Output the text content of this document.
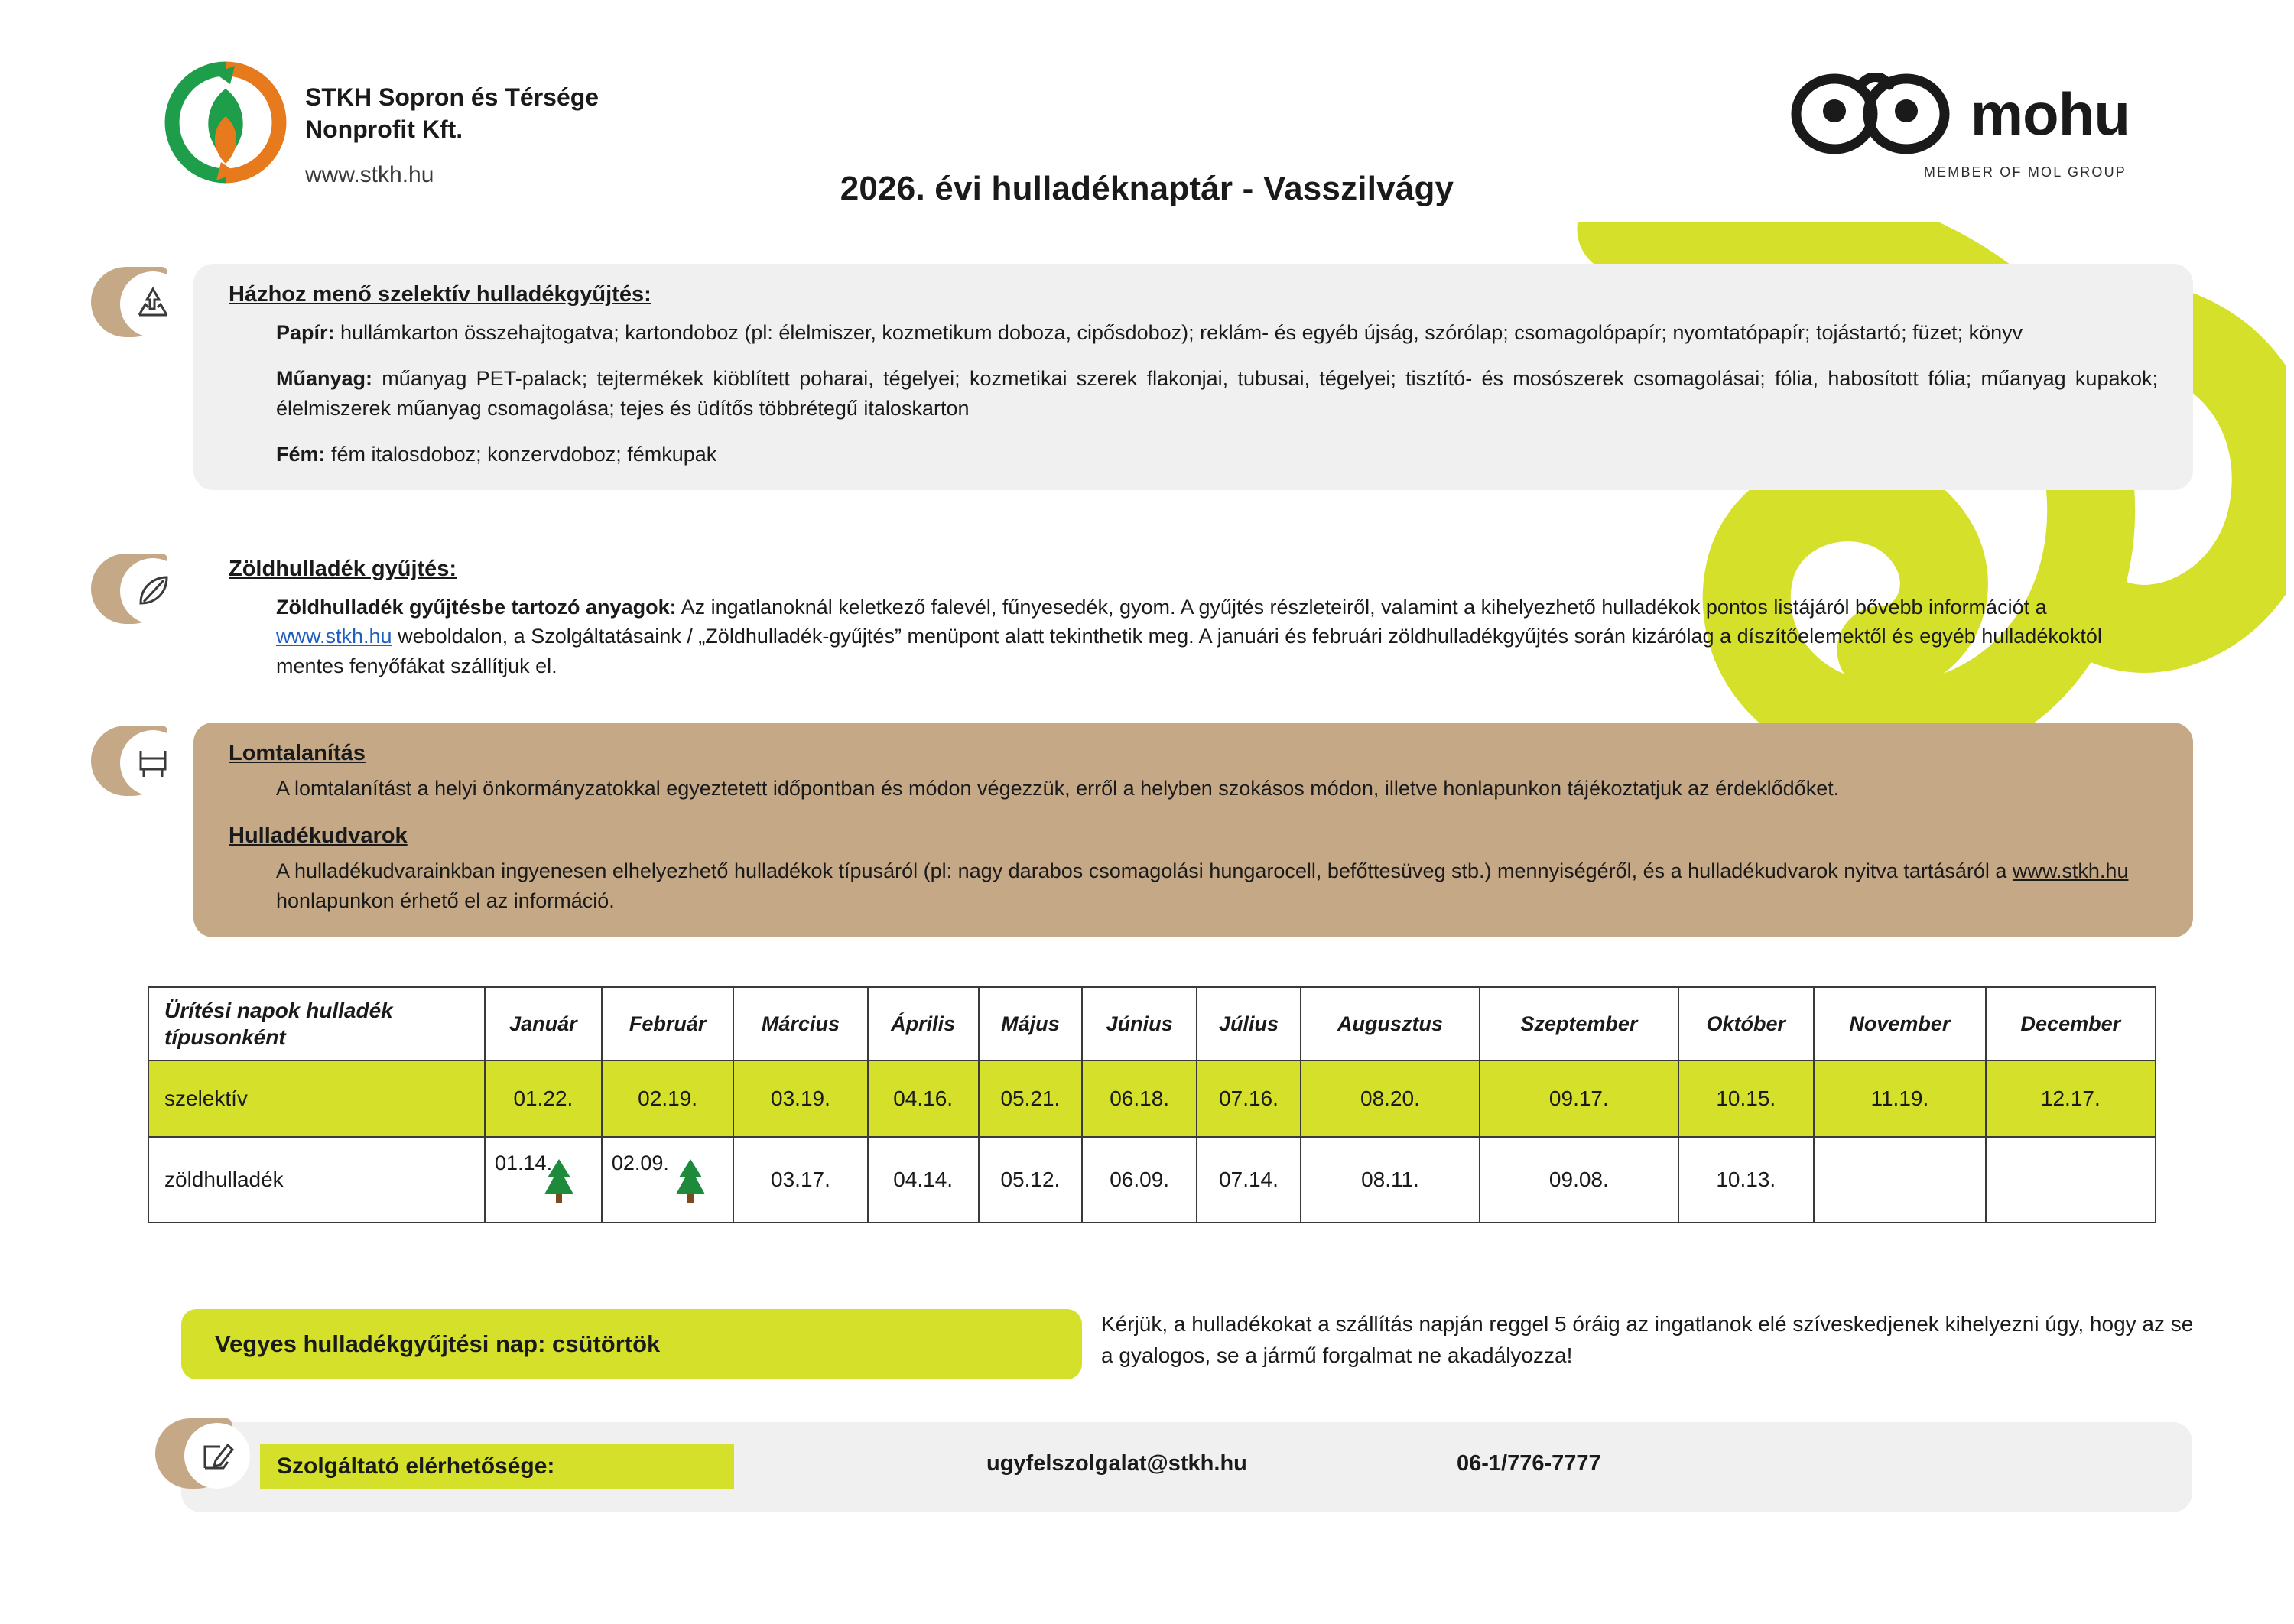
STKH Sopron és Térsége
Nonprofit Kft.
www.stkh.hu	2026. évi hulladéknaptár - Vasszilvágy
mohu
MEMBER OF MOL GROUP
Házhoz menő szelektív hulladékgyűjtés:

Papír: hullámkarton összehajtogatva; kartondoboz (pl: élelmiszer, kozmetikum doboza, cipősdoboz); reklám- és egyéb újság, szórólap; csomagolópapír; nyomtatópapír; tojástartó; füzet; könyv

Műanyag: műanyag PET-palack; tejtermékek kiöblített poharai, tégelyei; kozmetikai szerek flakonjai, tubusai, tégelyei; tisztító- és mosószerek csomagolásai; fólia, habosított fólia; műanyag kupakok; élelmiszerek műanyag csomagolása; tejes és üdítős többrétegű italoskarton

Fém: fém italosdoboz; konzervdoboz; fémkupak

Zöldhulladék gyűjtés:

Zöldhulladék gyűjtésbe tartozó anyagok: Az ingatlanoknál keletkező falevél, fűnyesedék, gyom. A gyűjtés részleteiről, valamint a kihelyezhető hulladékok pontos listájáról bővebb információt a www.stkh.hu weboldalon, a Szolgáltatásaink / „Zöldhulladék-gyűjtés” menüpont alatt tekinthetik meg. A januári és februári zöldhulladékgyűjtés során kizárólag a díszítőelemektől és egyéb hulladékoktól mentes fenyőfákat szállítjuk el.

Lomtalanítás

A lomtalanítást a helyi önkormányzatokkal egyeztetett időpontban és módon végezzük, erről a helyben szokásos módon, illetve honlapunkon tájékoztatjuk az érdeklődőket.

Hulladékudvarok

A hulladékudvarainkban ingyenesen elhelyezhető hulladékok típusáról (pl: nagy darabos csomagolási hungarocell, befőttesüveg stb.) mennyiségéről, és a hulladékudvarok nyitva tartásáról a www.stkh.hu honlapunkon érhető el az információ.

Ürítési napok hulladék típusonként	Január	Február	Március	Április	Május	Június	Július	Augusztus	Szeptember	Október	November	December
szelektív	01.22.	02.19.	03.19.	04.16.	05.21.	06.18.	07.16.	08.20.	09.17.	10.15.	11.19.	12.17.
zöldhulladék	01.14.	02.09.	03.17.	04.14.	05.12.	06.09.	07.14.	08.11.	09.08.	10.13.		
Vegyes hulladékgyűjtési nap: csütörtök
Kérjük, a hulladékokat a szállítás napján reggel 5 óráig az ingatlanok elé szíveskedjenek kihelyezni úgy, hogy az se a gyalogos, se a jármű forgalmat ne akadályozza!
Szolgáltató elérhetősége:	ugyfelszolgalat@stkh.hu	06-1/776-7777
